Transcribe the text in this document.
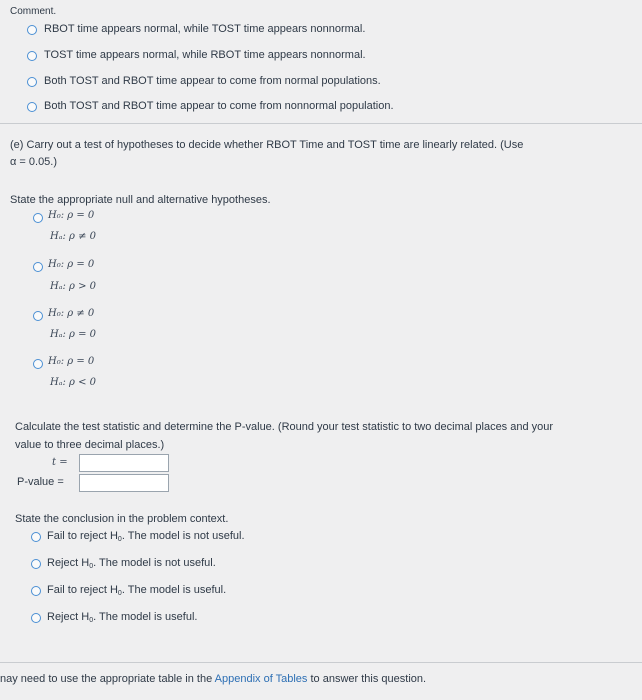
Comment.
RBOT time appears normal, while TOST time appears nonnormal.
TOST time appears normal, while RBOT time appears nonnormal.
Both TOST and RBOT time appear to come from normal populations.
Both TOST and RBOT time appear to come from nonnormal population.
(e) Carry out a test of hypotheses to decide whether RBOT Time and TOST time are linearly related. (Use
α = 0.05.)
State the appropriate null and alternative hypotheses.
H₀: ρ = 0
Hₐ: ρ ≠ 0
H₀: ρ = 0
Hₐ: ρ > 0
H₀: ρ ≠ 0
Hₐ: ρ = 0
H₀: ρ = 0
Hₐ: ρ < 0
Calculate the test statistic and determine the P-value. (Round your test statistic to two decimal places and your
value to three decimal places.)
t =
P-value =
State the conclusion in the problem context.
Fail to reject H0. The model is not useful.
Reject H0. The model is not useful.
Fail to reject H0. The model is useful.
Reject H0. The model is useful.
nay need to use the appropriate table in the Appendix of Tables to answer this question.
